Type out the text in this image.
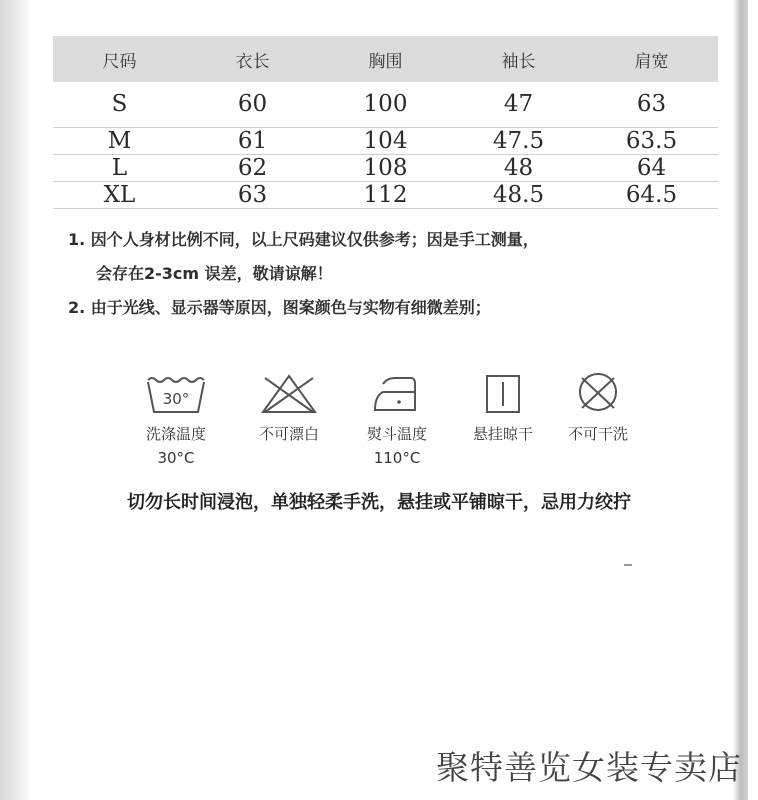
尺码	衣长	胸围	袖长	肩宽
S	60	100	47	63
M	61	104	47.5	63.5
L	62	108	48	64
XL	63	112	48.5	64.5
1. 因个人身材比例不同，以上尺码建议仅供参考；因是手工测量，
会存在2-3cm 误差，敬请谅解！
2. 由于光线、显示器等原因，图案颜色与实物有细微差别；
30°
洗涤温度
30°C
不可漂白	熨斗温度
110°C
悬挂晾干	不可干洗
切勿长时间浸泡，单独轻柔手洗，悬挂或平铺晾干，忌用力绞拧
聚特善览女装专卖店
